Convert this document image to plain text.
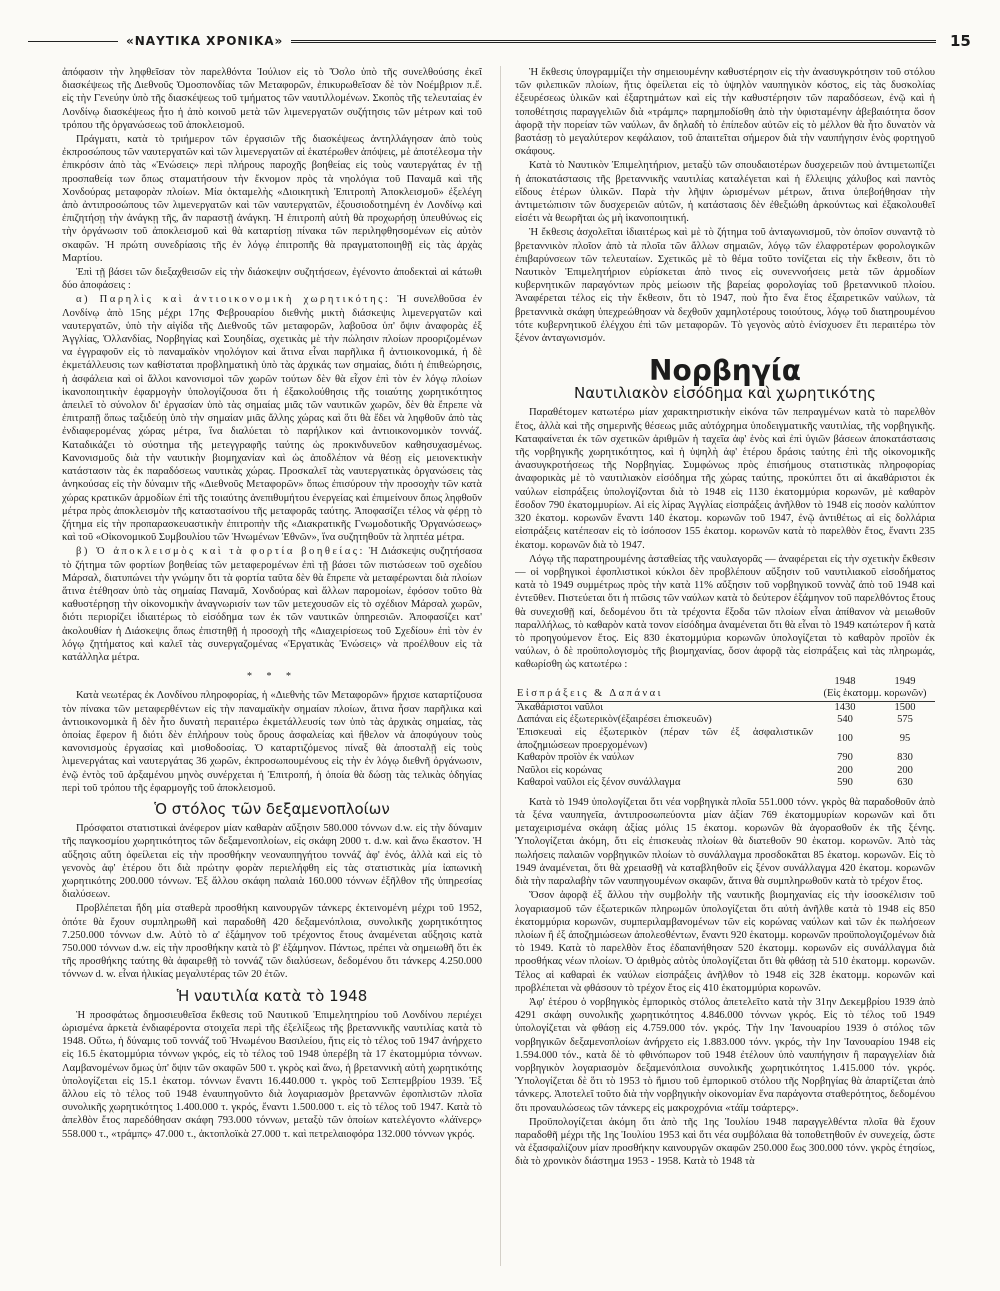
«ΝΑΥΤΙΚΑ ΧΡΟΝΙΚΑ»	15

ἀπόφασιν τὴν ληφθεῖσαν τὸν παρελθόντα Ἰούλιον εἰς τὸ Ὄσλο ὑπὸ τῆς συνελθούσης ἐκεῖ διασκέψεως τῆς Διεθνοῦς Ὁμοσπονδίας τῶν Μεταφορῶν, ἐπικυρωθεῖσαν δὲ τὸν Νοέμβριον π.ἔ. εἰς τὴν Γενεύην ὑπὸ τῆς διασκέψεως τοῦ τμήματος τῶν ναυτιλλομένων. Σκοπὸς τῆς τελευταίας ἐν Λονδίνῳ διασκέψεως ἦτο ἡ ἀπὸ κοινοῦ μετὰ τῶν λιμενεργατῶν συζήτησις τῶν μέτρων καὶ τοῦ τρόπου τῆς ὀργανώσεως τοῦ ἀποκλεισμοῦ.

Πράγματι, κατὰ τὸ τριήμερον τῶν ἐργασιῶν τῆς διασκέψεως ἀντηλλάγησαν ἀπὸ τοὺς ἐκπροσώπους τῶν ναυτεργατῶν καὶ τῶν λιμενεργατῶν αἱ ἑκατέρωθεν ἀπόψεις, μὲ ἀποτέλεσμα τὴν ἐπικρόσιν ἀπὸ τὰς «Ἑνώσεις» περὶ πλήρους παροχῆς βοηθείας εἰς τοὺς ναυτεργάτας ἐν τῇ προσπαθείᾳ των ὅπως σταματήσουν τὴν ἔκνομον πρὸς τὰ νηολόγια τοῦ Παναμᾶ καὶ τῆς Χονδούρας μεταφορὰν πλοίων. Μία ὀκταμελὴς «Διοικητικὴ Ἐπιτροπὴ Ἀποκλεισμοῦ» ἐξελέγη ἀπὸ ἀντιπροσώπους τῶν λιμενεργατῶν καὶ τῶν ναυτεργατῶν, ἐξουσιοδοτημένη ἐν Λονδίνῳ καὶ ἐπιζητήσῃ τὴν ἀνάγκῃ τῆς, ἂν παραστῇ ἀνάγκη. Ἡ ἐπιτροπὴ αὐτὴ θὰ προχωρήσῃ ὑπευθύνως εἰς τὴν ὀργάνωσιν τοῦ ἀποκλεισμοῦ καὶ θὰ καταρτίσῃ πίνακα τῶν περιληφθησομένων εἰς αὐτὸν σκαφῶν. Ἡ πρώτη συνεδρίασις τῆς ἐν λόγῳ ἐπιτροπῆς θὰ πραγματοποιηθῇ εἰς τὰς ἀρχὰς Μαρτίου.

Ἐπὶ τῇ βάσει τῶν διεξαχθεισῶν εἰς τὴν διάσκεψιν συζητήσεων, ἐγένοντο ἀποδεκταὶ αἱ κάτωθι δύο ἀποφάσεις :

α) Παρηλὶς καὶ ἀντιοικονομικὴ χωρητικότης: Ἡ συνελθοῦσα ἐν Λονδίνῳ ἀπὸ 15ης μέχρι 17ης Φεβρουαρίου διεθνὴς μικτὴ διάσκεψις λιμενεργατῶν καὶ ναυτεργατῶν, ὑπὸ τὴν αἰγίδα τῆς Διεθνοῦς τῶν μεταφορῶν, λαβοῦσα ὑπ' ὄψιν ἀναφορὰς ἐξ Ἀγγλίας, Ὁλλανδίας, Νορβηγίας καὶ Σουηδίας, σχετικὰς μὲ τὴν πώλησιν πλοίων προοριζομένων να ἐγγραφοῦν εἰς τὸ παναμαϊκὸν νηολόγιον καὶ ἅτινα εἶναι παρῆλικα ἢ ἀντιοικονομικά, ἡ δὲ ἐκμετάλλευσις των καθίσταται προβληματικὴ ὑπὸ τὰς ἀρχικάς των σημαίας, διότι ἡ ἐπιθεώρησις, ἡ ἀσφάλεια καὶ οἱ ἄλλοι κανονισμοὶ τῶν χωρῶν τούτων δὲν θὰ εἶχον ἐπὶ τὸν ἐν λόγῳ πλοίων ἱκανοποιητικὴν ἐφαρμογὴν ὑπολογίζουσα ὅτι ἡ ἐξακολούθησις τῆς τοιαύτης χωρητικότητος ἀπειλεῖ τὸ σύνολον δι' ἐργασίαν ὑπὸ τὰς σημαίας μιᾶς τῶν ναυτικῶν χωρῶν, δὲν θὰ ἔπρεπε νὰ ἐπιτραπῇ ὅπως ταξιδεύῃ ὑπὸ τὴν σημαίαν μιᾶς ἄλλης χώρας καὶ ὅτι θὰ ἔδει νὰ ληφθοῦν ἀπὸ τὰς ἐνδιαφερομένας χώρας μέτρα, ἵνα διαλύεται τὸ παρήλικον καὶ ἀντιοικονομικὸν τοννάζ. Καταδικάζει τὸ σύστημα τῆς μετεγγραφῆς ταύτης ὡς προκινδυνεῦον καθησυχασμένως. Κανονισμοῦς διὰ τὴν ναυτικὴν βιομηχανίαν καὶ ὡς ἀποδλέπον νὰ θέσῃ εἰς μειονεκτικὴν κατάστασιν τὰς ἐκ παραδόσεως ναυτικὰς χώρας. Προσκαλεῖ τὰς ναυτεργατικὰς ὀργανώσεις τὰς ἀνηκούσας εἰς τὴν δύναμιν τῆς «Διεθνοῦς Μεταφορῶν» ὅπως ἐπισύρουν τὴν προσοχὴν τῶν κατὰ χώρας κρατικῶν ἁρμοδίων ἐπὶ τῆς τοιαύτης ἀνεπιθυμήτου ἐνεργείας καὶ ἐπιμείνουν ὅπως ληφθοῦν μέτρα πρὸς ἀποκλεισμὸν τῆς καταστασίνου τῆς μεταφορᾶς ταύτης. Ἀποφασίζει τέλος νὰ φέρῃ τὸ ζήτημα εἰς τὴν προπαρασκευαστικὴν ἐπιτροπὴν τῆς «Διακρατικῆς Γνωμοδοτικῆς Ὀργανώσεως» καὶ τοῦ «Οἰκονομικοῦ Συμβουλίου τῶν Ἡνωμένων Ἐθνῶν», ἵνα συζητηθοῦν τὰ ληπτέα μέτρα.

β) Ὁ ἀποκλεισμὸς καὶ τὰ φορτία βοηθείας: Ἡ Διάσκεψις συζητήσασα τὸ ζήτημα τῶν φορτίων βοηθείας τῶν μεταφερομένων ἐπὶ τῇ βάσει τῶν πιστώσεων τοῦ σχεδίου Μάρσαλ, διατυπώνει τὴν γνώμην ὅτι τὰ φορτία ταῦτα δὲν θὰ ἔπρεπε νὰ μεταφέρωνται διὰ πλοίων ἅτινα ἐτέθησαν ὑπὸ τὰς σημαίας Παναμᾶ, Χονδούρας καὶ ἄλλων παρομοίων, ἐφόσον τοῦτο θὰ καθυστέρησῃ τὴν οἰκονομικὴν ἀναγνωρισίν των τῶν μετεχουσῶν εἰς τὸ σχέδιον Μάρσαλ χωρῶν, διότι περιορίζει ἰδιαιτέρως τὸ εἰσόδημα των ἐκ τῶν ναυτικῶν ὑπηρεσιῶν. Ἀποφασίζει κατ' ἀκολουθίαν ἡ Διάσκεψις ὅπως ἐπιστηθῇ ἡ προσοχὴ τῆς «Διαχειρίσεως τοῦ Σχεδίου» ἐπὶ τὸν ἐν λόγῳ ζητήματος καὶ καλεῖ τὰς συνεργαζομένας «Ἐργατικὰς Ἑνώσεις» νὰ προέλθουν εἰς τὰ κατάλληλα μέτρα.

* * *

Κατὰ νεωτέρας ἐκ Λονδίνου πληροφορίας, ἡ «Διεθνὴς τῶν Μεταφορῶν» ἤρχισε καταρτίζουσα τὸν πίνακα τῶν μεταφερθέντων εἰς τὴν παναμαϊκὴν σημαίαν πλοίων, ἅτινα ἦσαν παρῆλικα καὶ ἀντιοικονομικὰ ἢ δὲν ἦτο δυνατὴ περαιτέρω ἐκμετάλλευσίς των ὑπὸ τὰς ἀρχικὰς σημαίας, τὰς ὁποίας ἔφερον ἢ διότι δὲν ἐπλήρουν τοὺς ὅρους ἀσφαλείας καὶ ἤθελον νὰ ἀποφύγουν τοὺς κανονισμοὺς ἐργασίας καὶ μισθοδοσίας. Ὁ καταρτιζόμενος πίναξ θὰ ἀποσταλῇ εἰς τοὺς λιμενεργάτας καὶ ναυτεργάτας 36 χωρῶν, ἐκπροσωπουμένους εἰς τὴν ἐν λόγῳ διεθνῆ ὀργάνωσιν, ἐνῷ ἐντὸς τοῦ ἀρξαμένου μηνὸς συνέρχεται ἡ Ἐπιτροπή, ἡ ὁποία θὰ δώσῃ τὰς τελικὰς ὁδηγίας περὶ τοῦ τρόπου τῆς ἐφαρμογῆς τοῦ ἀποκλεισμοῦ.

Ὁ στόλος τῶν δεξαμενοπλοίων

Πρόσφατοι στατιστικαὶ ἀνέφερον μίαν καθαρὰν αὔξησιν 580.000 τόννων d.w. εἰς τὴν δύναμιν τῆς παγκοσμίου χωρητικότητος τῶν δεξαμενοπλοίων, εἰς σκάφη 2000 τ. d.w. καὶ ἄνω ἕκαστον. Ἡ αὔξησις αὕτη ὀφείλεται εἰς τὴν προσθήκην νεοναυπηγήτου τοννάζ ἀφ' ἑνός, ἀλλὰ καὶ εἰς τὸ γενονὸς ἀφ' ἑτέρου ὅτι διὰ πρώτην φορὰν περιελήφθη εἰς τὰς στατιστικὰς μία ἰαπωνικὴ χωρητικότης 200.000 τόννων. Ἐξ ἄλλου σκάφη παλαιὰ 160.000 τόννων ἐξῆλθον τῆς ὑπηρεσίας διαλύσεων.

Προβλέπεται ἤδη μία σταθερὰ προσθήκη καινουργῶν τάνκερς ἐκτεινομένη μέχρι τοῦ 1952, ὁπότε θὰ ἔχουν συμπληρωθῆ καὶ παραδοθῆ 420 δεξαμενόπλοια, συνολικῆς χωρητικότητος 7.250.000 τόννων d.w. Αὐτὸ τὸ α' ἑξάμηνον τοῦ τρέχοντος ἔτους ἀναμένεται αὔξησις κατὰ 750.000 τόννων d.w. εἰς τὴν προσθήκην κατὰ τὸ β' ἑξάμηνον. Πάντως, πρέπει νὰ σημειωθῆ ὅτι ἐκ τῆς προσθήκης ταύτης θὰ ἀφαιρεθῇ τὸ τοννάζ τῶν διαλύσεων, δεδομένου ὅτι τάνκερς 4.250.000 τόννων d. w. εἶναι ἡλικίας μεγαλυτέρας τῶν 20 ἐτῶν.

Ἡ ναυτιλία κατὰ τὸ 1948

Ἡ προσφάτως δημοσιευθεῖσα ἔκθεσις τοῦ Ναυτικοῦ Ἐπιμελητηρίου τοῦ Λονδίνου περιέχει ὡρισμένα ἀρκετὰ ἐνδιαφέροντα στοιχεῖα περὶ τῆς ἐξελίξεως τῆς βρεταννικῆς ναυτιλίας κατὰ τὸ 1948. Οὕτω, ἡ δύναμις τοῦ τοννάζ τοῦ Ἡνωμένου Βασιλείου, ἥτις εἰς τὸ τέλος τοῦ 1947 ἀνήρχετο εἰς 16.5 ἑκατομμύρια τόννων γκρός, εἰς τὸ τέλος τοῦ 1948 ὑπερέβη τὰ 17 ἑκατομμύρια τόννων. Λαμβανομένων ὅμως ὑπ' ὄψιν τῶν σκαφῶν 500 τ. γκρὸς καὶ ἄνω, ἡ βρεταννικὴ αὐτὴ χωρητικότης ὑπολογίζεται εἰς 15.1 ἑκατομ. τόννων ἔναντι 16.440.000 τ. γκρὸς τοῦ Σεπτεμβρίου 1939. Ἐξ ἄλλου εἰς τὸ τέλος τοῦ 1948 ἐναυπηγοῦντο διὰ λογαριασμὸν βρεταννῶν ἐφοπλιστῶν πλοῖα συνολικῆς χωρητικότητος 1.400.000 τ. γκρός, ἔναντι 1.500.000 τ. εἰς τὸ τέλος τοῦ 1947. Κατὰ τὸ ἀπελθὸν ἔτος παρεδόθησαν σκάφη 793.000 τόννων, μεταξὺ τῶν ὁποίων κατελέγοντο «λάϊνερς» 558.000 τ., «τράμπς» 47.000 τ., ἀκτοπλοϊκὰ 27.000 τ. καὶ πετρελαιοφόρα 132.000 τόννων γκρός.

Ἡ ἔκθεσις ὑπογραμμίζει τὴν σημειουμένην καθυστέρησιν εἰς τὴν ἀνασυγκρότησιν τοῦ στόλου τῶν φιλεπικῶν πλοίων, ἥτις ὀφείλεται εἰς τὸ ὑψηλὸν ναυπηγικὸν κόστος, εἰς τὰς δυσκολίας ἐξευρέσεως ὑλικῶν καὶ ἐξαρτημάτων καὶ εἰς τὴν καθυστέρησιν τῶν παραδόσεων, ἐνῷ καὶ ἡ τοποθέτησις παραγγελιῶν διὰ «τράμπς» παρημποδίσθη ἀπὸ τὴν ὑφισταμένην ἀβεβαιότητα ὅσον ἀφορᾷ τὴν πορείαν τῶν ναύλων, ἂν δηλαδὴ τὸ ἐπίπεδον αὐτῶν εἰς τὸ μέλλον θὰ ἦτο δυνατὸν νὰ βαστάσῃ τὸ μεγαλύτερον κεφάλαιον, τοῦ ἀπαιτεῖται σήμερον διὰ τὴν ναυπήγησιν ἑνὸς φορτηγοῦ σκάφους.

Κατὰ τὸ Ναυτικὸν Ἐπιμελητήριον, μεταξὺ τῶν σπουδαιοτέρων δυσχερειῶν ποὺ ἀντιμετωπίζει ἡ ἀποκατάστασις τῆς βρεταννικῆς ναυτιλίας καταλέγεται καὶ ἡ ἔλλειψις χάλυβος καὶ παντὸς εἴδους ἑτέρων ὑλικῶν. Παρὰ τὴν λῆψιν ὡρισμένων μέτρων, ἅτινα ὑπεβοήθησαν τὴν ἀντιμετώπισιν τῶν δυσχερειῶν αὐτῶν, ἡ κατάστασις δὲν ἐθεξιώθη ἀρκούντως καὶ ἐξακολουθεῖ εἰσέτι νὰ θεωρῆται ὡς μὴ ἱκανοποιητική.

Ἡ ἔκθεσις ἀσχολεῖται ἰδιαιτέρως καὶ μὲ τὸ ζήτημα τοῦ ἀνταγωνισμοῦ, τὸν ὁποῖον συναντᾷ τὸ βρεταννικὸν πλοῖον ἀπὸ τὰ πλοῖα τῶν ἄλλων σημαιῶν, λόγῳ τῶν ἐλαφροτέρων φορολογικῶν ἐπιβαρύνσεων τῶν τελευταίων. Σχετικῶς μὲ τὸ θέμα τοῦτο τονίζεται εἰς τὴν ἔκθεσιν, ὅτι τὸ Ναυτικὸν Ἐπιμελητήριον εὑρίσκεται ἀπὸ τινος εἰς συνεννοήσεις μετὰ τῶν ἁρμοδίων κυβερνητικῶν παραγόντων πρὸς μείωσιν τῆς βαρείας φορολογίας τοῦ βρεταννικοῦ πλοίου. Ἀναφέρεται τέλος εἰς τὴν ἔκθεσιν, ὅτι τὸ 1947, ποὺ ἦτο ἕνα ἔτος ἐξαιρετικῶν ναύλων, τὰ βρεταννικὰ σκάφη ὑπεχρεώθησαν νὰ δεχθοῦν χαμηλοτέρους τοιούτους, λόγῳ τοῦ διατηρουμένου τότε κυβερνητικοῦ ἐλέγχου ἐπὶ τῶν μεταφορῶν. Τὸ γεγονὸς αὐτὸ ἐνίσχυσεν ἔτι περαιτέρω τὸν ξένον ἀνταγωνισμόν.

Νορβηγία
Ναυτιλιακὸν εἰσόδημα καὶ χωρητικότης

Παραθέτομεν κατωτέρω μίαν χαρακτηριστικὴν εἰκόνα τῶν πεπραγμένων κατὰ τὸ παρελθὸν ἔτος, ἀλλὰ καὶ τῆς σημερινῆς θέσεως μιᾶς αὐτόχρημα ὑποδειγματικῆς ναυτιλίας, τῆς νορβηγικῆς. Καταφαίνεται ἐκ τῶν σχετικῶν ἀριθμῶν ἡ ταχεῖα ἀφ' ἑνὸς καὶ ἐπὶ ὑγιῶν βάσεων ἀποκατάστασις τῆς νορβηγικῆς χωρητικότητος, καὶ ἡ ὑψηλὴ ἀφ' ἑτέρου δράσις ταύτης ἐπὶ τῆς οἰκονομικῆς ἀνασυγκροτήσεως τῆς Νορβηγίας. Συμφώνως πρὸς ἐπισήμους στατιστικὰς πληροφορίας ἀναφορικὰς μὲ τὸ ναυτιλιακὸν εἰσόδημα τῆς χώρας ταύτης, προκύπτει ὅτι αἱ ἀκαθάριστοι ἐκ ναύλων εἰσπράξεις ὑπολογίζονται διὰ τὸ 1948 εἰς 1130 ἑκατομμύρια κορωνῶν, μὲ καθαρὸν ἔσοδον 790 ἑκατομμυρίων. Αἱ εἰς λίρας Ἀγγλίας εἰσπράξεις ἀνῆλθον τὸ 1948 εἰς ποσὸν καλύπτον 320 ἑκατομ. κορωνῶν ἔναντι 140 ἑκατομ. κορωνῶν τοῦ 1947, ἐνῷ ἀντιθέτως αἱ εἰς δολλάρια εἰσπράξεις κατέπεσαν εἰς τὸ ἰσόποσον 155 ἑκατομ. κορωνῶν κατὰ τὸ παρελθὸν ἔτος, ἔναντι 235 ἑκατομ. κορωνῶν διὰ τὸ 1947.

Λόγῳ τῆς παρατηρουμένης ἀσταθείας τῆς ναυλαγορᾶς — ἀναφέρεται εἰς τὴν σχετικὴν ἔκθεσιν — οἱ νορβηγικοὶ ἐφοπλιστικοὶ κύκλοι δὲν προβλέπουν αὔξησιν τοῦ ναυτιλιακοῦ εἰσοδήματος κατὰ τὸ 1949 συμμέτρως πρὸς τὴν κατὰ 11% αὔξησιν τοῦ νορβηγικοῦ τοννὰζ ἀπὸ τοῦ 1948 καὶ ἐντεῦθεν. Πιστεύεται ὅτι ἡ πτῶσις τῶν ναύλων κατὰ τὸ δεύτερον ἑξάμηνον τοῦ παρελθόντος ἔτους θὰ συνεχισθῇ καί, δεδομένου ὅτι τὰ τρέχοντα ἔξοδα τῶν πλοίων εἶναι ἀπίθανον νὰ μειωθοῦν παραλλήλως, τὸ καθαρὸν κατὰ τονον εἰσόδημα ἀναμένεται ὅτι θὰ εἶναι τὸ 1949 κατώτερον ἢ κατὰ τὸ προηγούμενον ἔτος. Εἰς 830 ἑκατομμύρια κορωνῶν ὑπολογίζεται τὸ καθαρὸν προϊὸν ἐκ ναύλων, ὁ δὲ προϋπολογισμὸς τῆς βιομηχανίας, ὅσον ἀφορᾷ τὰς εἰσπράξεις καὶ τὰς πληρωμάς, καθωρίσθη ὡς κατωτέρω :

	1948	1949
Εἰσπράξεις & Δαπάναι	(Εἰς ἑκατομμ. κορωνῶν)	
Ἀκαθάριστοι ναῦλοι	1430	1500
Δαπάναι εἰς ἐξωτερικὸν(ἐξαιρέσει ἐπισκευῶν)	540	575
Ἐπισκευαὶ εἰς ἐξωτερικὸν (πέραν τῶν ἐξ ἀσφαλιστικῶν ἀποζημιώσεων προερχομένων)	100	95
Καθαρὸν προϊὸν ἐκ ναύλων	790	830
Ναῦλοι εἰς κορώνας	200	200
Καθαροὶ ναῦλοι εἰς ξένον συνάλλαγμα	590	630

Κατὰ τὸ 1949 ὑπολογίζεται ὅτι νέα νορβηγικὰ πλοῖα 551.000 τόνν. γκρὸς θὰ παραδοθοῦν ἀπὸ τὰ ξένα ναυπηγεῖα, ἀντιπροσωπεύοντα μίαν ἀξίαν 769 ἑκατομμυρίων κορωνῶν καὶ ὅτι μεταχειρισμένα σκάφη ἀξίας μόλις 15 ἑκατομ. κορωνῶν θὰ ἀγορασθοῦν ἐκ τῆς ξένης. Ὑπολογίζεται ἀκόμη, ὅτι εἰς ἐπισκευὰς πλοίων θὰ διατεθοῦν 90 ἑκατομ. κορωνῶν. Ἀπὸ τὰς πωλήσεις παλαιῶν νορβηγικῶν πλοίων τὸ συνάλλαγμα προσδοκᾶται 85 ἑκατομ. κορωνῶν. Εἰς τὸ 1949 ἀναμένεται, ὅτι θὰ χρειασθῇ νὰ καταβληθοῦν εἰς ξένον συνάλλαγμα 420 ἑκατομ. κορωνῶν διὰ τὴν παραλαβὴν τῶν ναυπηγουμένων σκαφῶν, ἅτινα θὰ συμπληρωθοῦν κατὰ τὸ τρέχον ἔτος.

Ὅσον ἀφορᾷ ἐξ ἄλλου τὴν συμβολὴν τῆς ναυτικῆς βιομηχανίας εἰς τὴν ἰσοσκέλισιν τοῦ λογαριασμοῦ τῶν ἐξωτερικῶν πληρωμῶν ὑπολογίζεται ὅτι αὐτὴ ἀνῆλθε κατὰ τὸ 1948 εἰς 850 ἑκατομμύρια κορωνῶν, συμπεριλαμβανομένων τῶν εἰς κορώνας ναύλων καὶ τῶν ἐκ πωλήσεων πλοίων ἢ ἐξ ἀποζημιώσεων ἀπολεσθέντων, ἔναντι 920 ἑκατομμ. κορωνῶν προϋπολογιζομένων διὰ τὸ 1949. Κατὰ τὸ παρελθὸν ἔτος ἐδαπανήθησαν 520 ἑκατομμ. κορωνῶν εἰς συνάλλαγμα διὰ προσθήκας νέων πλοίων. Ὁ ἀριθμὸς αὐτὸς ὑπολογίζεται ὅτι θὰ φθάσῃ τὰ 510 ἑκατομμ. κορωνῶν. Τέλος αἱ καθαραὶ ἐκ ναύλων εἰσπράξεις ἀνῆλθον τὸ 1948 εἰς 328 ἑκατομμ. κορωνῶν καὶ προβλέπεται νὰ φθάσουν τὸ τρέχον ἔτος εἰς 410 ἑκατομμύρια κορωνῶν.

Ἀφ' ἑτέρου ὁ νορβηγικὸς ἐμπορικὸς στόλος ἀπετελεῖτο κατὰ τὴν 31ην Δεκεμβρίου 1939 ἀπὸ 4291 σκάφη συνολικῆς χωρητικότητος 4.846.000 τόννων γκρός. Εἰς τὸ τέλος τοῦ 1949 ὑπολογίζεται νὰ φθάσῃ εἰς 4.759.000 τόν. γκρός. Τὴν 1ην Ἰανουαρίου 1939 ὁ στόλος τῶν νορβηγικῶν δεξαμενοπλοίων ἀνήρχετο εἰς 1.883.000 τόνν. γκρός, τὴν 1ην Ἰανουαρίου 1948 εἰς 1.594.000 τόν., κατὰ δὲ τὸ φθινόπωρον τοῦ 1948 ἐτέλουν ὑπὸ ναυπήγησιν ἢ παραγγελίαν διὰ νορβηγικὸν λογαριασμὸν δεξαμενόπλοια συνολικῆς χωρητικότητος 1.415.000 τόν. γκρός. Ὑπολογίζεται δὲ ὅτι τὸ 1953 τὸ ἥμισυ τοῦ ἐμπορικοῦ στόλου τῆς Νορβηγίας θὰ ἀπαρτίζεται ἀπὸ τάνκερς. Ἀποτελεῖ τοῦτο διὰ τὴν νορβηγικὴν οἰκονομίαν ἕνα παράγοντα σταθερότητος, δεδομένου ὅτι προναυλώσεως τῶν τάνκερς εἰς μακροχρόνια «τάϊμ τσάρτερς».

Προϋπολογίζεται ἀκόμη ὅτι ἀπὸ τῆς 1ης Ἰουλίου 1948 παραγγελθέντα πλοῖα θὰ ἔχουν παραδοθῆ μέχρι τῆς 1ης Ἰουλίου 1953 καὶ ὅτι νέα συμβόλαια θὰ τοποθετηθοῦν ἐν συνεχείᾳ, ὥστε νὰ ἐξασφαλίζουν μίαν προσθήκην καινουργῶν σκαφῶν 250.000 ἕως 300.000 τόνν. γκρὸς ἐτησίως, διὰ τὸ χρονικὸν διάστημα 1953 - 1958. Κατὰ τὸ 1948 τὰ
